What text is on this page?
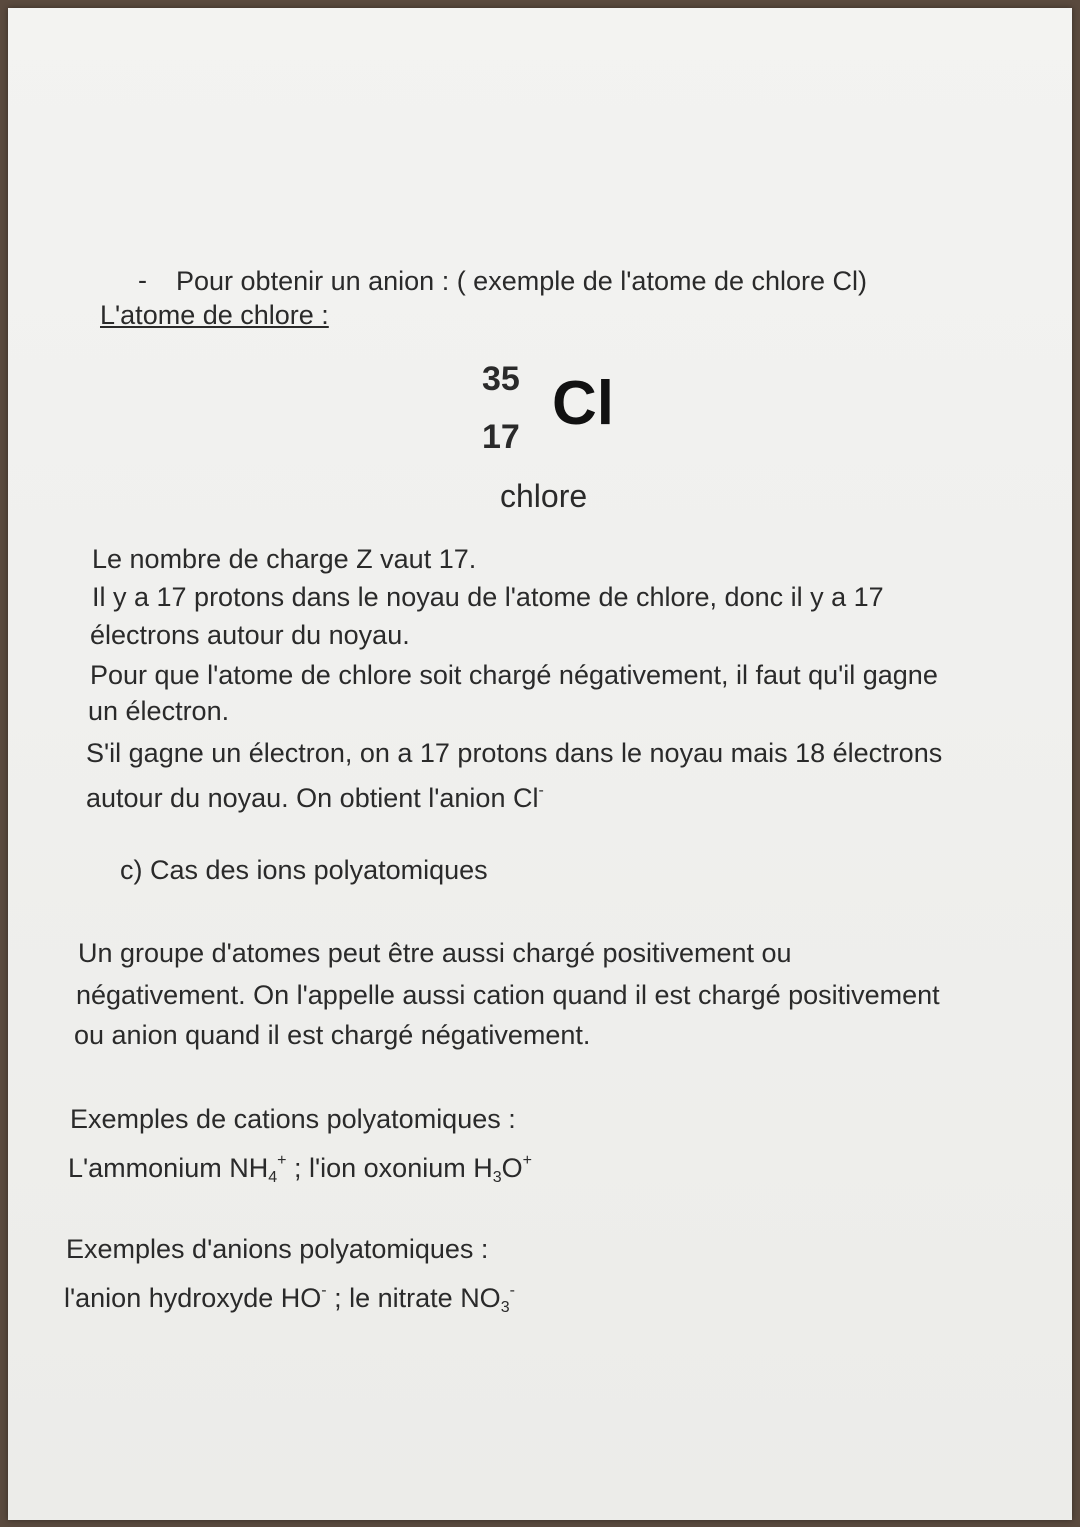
- Pour obtenir un anion : ( exemple de l'atome de chlore Cl)
L'atome de chlore :
35
17 Cl
chlore
Le nombre de charge Z vaut 17.
Il y a 17 protons dans le noyau de l'atome de chlore, donc il y a 17
électrons autour du noyau.
Pour que l'atome de chlore soit chargé négativement, il faut qu'il gagne
un électron.
S'il gagne un électron, on a 17 protons dans le noyau mais 18 électrons
autour du noyau. On obtient l'anion Cl-
c) Cas des ions polyatomiques
Un groupe d'atomes peut être aussi chargé positivement ou
négativement. On l'appelle aussi cation quand il est chargé positivement
ou anion quand il est chargé négativement.
Exemples de cations polyatomiques :
L'ammonium $NH_4^+$ ; l'ion oxonium $H_3O^+$
Exemples d'anions polyatomiques :
l'anion hydroxyde HO- ; le nitrate $NO_3^-$
